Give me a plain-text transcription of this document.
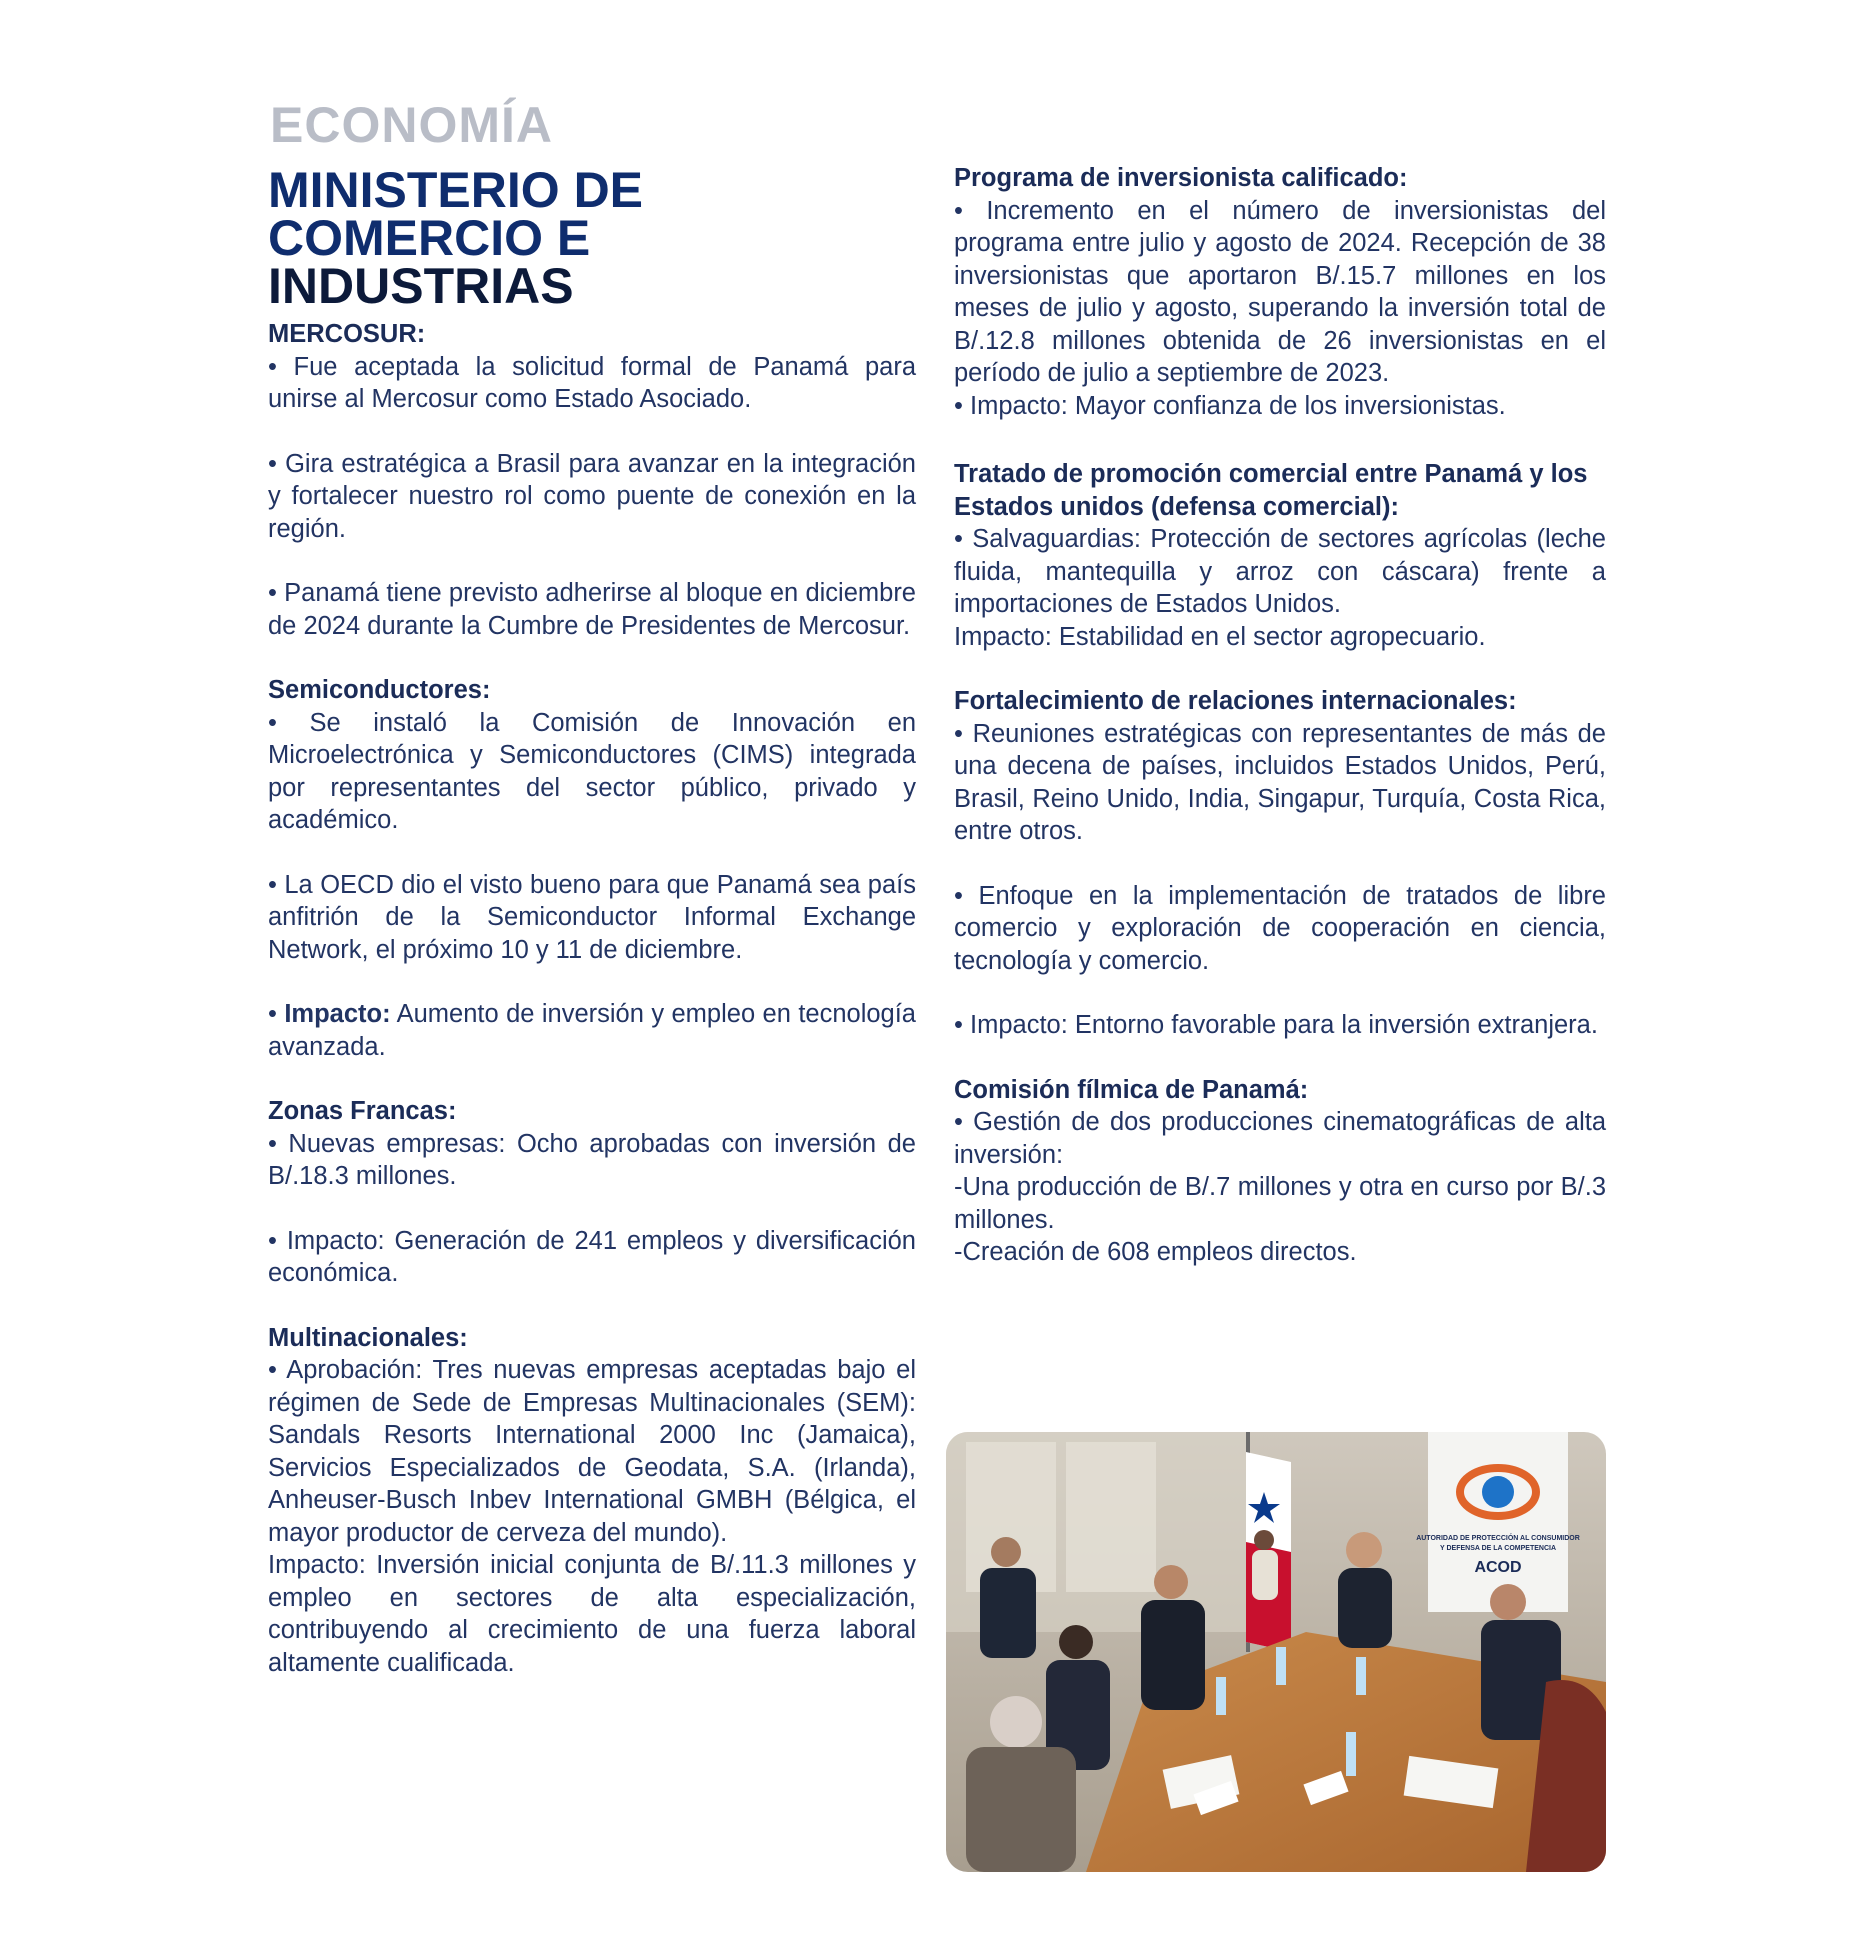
ECONOMÍA
MINISTERIO DE
COMERCIO E
INDUSTRIAS
MERCOSUR:

• Fue aceptada la solicitud formal de Panamá para unirse al Mercosur como Estado Asociado.

• Gira estratégica a Brasil para avanzar en la integración y fortalecer nuestro rol como puente de conexión en la región.

• Panamá tiene previsto adherirse al bloque en diciembre de 2024 durante la Cumbre de Presidentes de Mercosur.

Semiconductores:

• Se instaló la Comisión de Innovación en Microelectrónica y Semiconductores (CIMS) integrada por representantes del sector público, privado y académico.

• La OECD dio el visto bueno para que Panamá sea país anfitrión de la Semiconductor Informal Exchange Network, el próximo 10 y 11 de diciembre.

• Impacto: Aumento de inversión y empleo en tecnología avanzada.

Zonas Francas:

• Nuevas empresas: Ocho aprobadas con inversión de B/.18.3 millones.

• Impacto: Generación de 241 empleos y diversificación económica.

Multinacionales:

• Aprobación: Tres nuevas empresas aceptadas bajo el régimen de Sede de Empresas Multinacionales (SEM): Sandals Resorts International 2000 Inc (Jamaica), Servicios Especializados de Geodata, S.A. (Irlanda), Anheuser-Busch Inbev International GMBH (Bélgica, el mayor productor de cerveza del mundo).

Impacto: Inversión inicial conjunta de B/.11.3 millones y empleo en sectores de alta especialización, contribuyendo al crecimiento de una fuerza laboral altamente cualificada.

Programa de inversionista calificado:

• Incremento en el número de inversionistas del programa entre julio y agosto de 2024. Recepción de 38 inversionistas que aportaron B/.15.7 millones en los meses de julio y agosto, superando la inversión total de B/.12.8 millones obtenida de 26 inversionistas en el período de julio a septiembre de 2023.

• Impacto: Mayor confianza de los inversionistas.

Tratado de promoción comercial entre Panamá y los Estados unidos (defensa comercial):

• Salvaguardias: Protección de sectores agrícolas (leche fluida, mantequilla y arroz con cáscara) frente a importaciones de Estados Unidos.

Impacto: Estabilidad en el sector agropecuario.

Fortalecimiento de relaciones internacionales:

• Reuniones estratégicas con representantes de más de una decena de países, incluidos Estados Unidos, Perú, Brasil, Reino Unido, India, Singapur, Turquía, Costa Rica, entre otros.

• Enfoque en la implementación de tratados de libre comercio y exploración de cooperación en ciencia, tecnología y comercio.

• Impacto: Entorno favorable para la inversión extranjera.

Comisión fílmica de Panamá:

• Gestión de dos producciones cinematográficas de alta inversión:

-Una producción de B/.7 millones y otra en curso por B/.3 millones.

-Creación de 608 empleos directos.

AUTORIDAD DE PROTECCIÓN AL CONSUMIDOR
Y DEFENSA DE LA COMPETENCIA
ACOD
